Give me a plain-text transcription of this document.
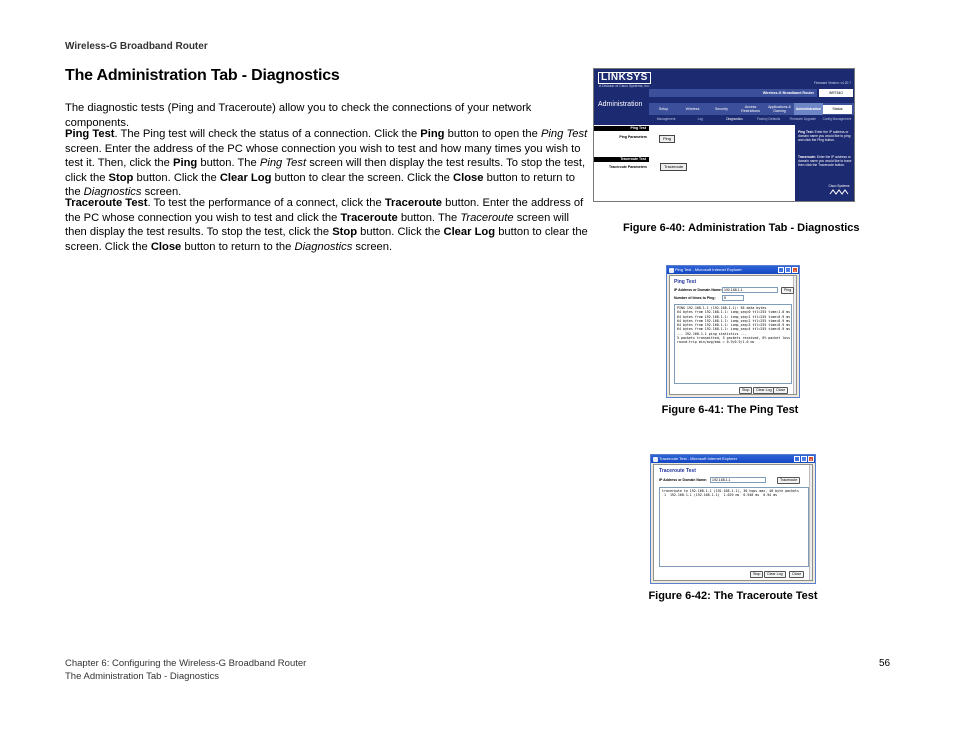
Wireless-G Broadband Router
The Administration Tab - Diagnostics

The diagnostic tests (Ping and Traceroute) allow you to check the connections of your network components.

Ping Test. The Ping test will check the status of a connection. Click the Ping button to open the Ping Test screen. Enter the address of the PC whose connection you wish to test and how many times you wish to test it. Then, click the Ping button. The Ping Test screen will then display the test results. To stop the test, click the Stop button. Click the Clear Log button to clear the screen. Click the Close button to return to the Diagnostics screen.

Traceroute Test. To test the performance of a connect, click the Traceroute button. Enter the address of the PC whose connection you wish to test and click the Traceroute button. The Traceroute screen will then display the test results. To stop the test, click the Stop button. Click the Clear Log button to clear the screen. Click the Close button to return to the Diagnostics screen.

LINKSYS
A Division of Cisco Systems, Inc.
Firmware Version: v4.20.7
Wireless-G Broadband Router	WRT54G
Administration
Setup	Wireless	Security	Access Restrictions
Applications & Gaming	Administration	Status
Management	Log	Diagnostics	Factory Defaults	Firmware Upgrade	Config Management
Ping Test
Ping Parameters
Traceroute Test
Traceroute Parameters
Ping
Traceroute
Ping Test: Enter the IP address or domain name you would like to ping and click the Ping button.
Traceroute: Enter the IP address or domain name you would like to trace then click the Traceroute button.
Cisco Systems
Figure 6-40: Administration Tab - Diagnostics
Ping Test - Microsoft Internet Explorer	_	□	×
Ping Test
IP Address or Domain Name: 192.168.1.1	Ping
Number of times to Ping:	5
PING 192.168.1.1 (192.168.1.1): 56 data bytes
64 bytes from 192.168.1.1: icmp_seq=0 ttl=255 time=1.0 ms
64 bytes from 192.168.1.1: icmp_seq=1 ttl=255 time=0.9 ms
64 bytes from 192.168.1.1: icmp_seq=2 ttl=255 time=0.9 ms
64 bytes from 192.168.1.1: icmp_seq=3 ttl=255 time=0.9 ms
64 bytes from 192.168.1.1: icmp_seq=4 ttl=255 time=0.9 ms
--- 192.168.1.1 ping statistics ---
5 packets transmitted, 5 packets received, 0% packet loss
round-trip min/avg/max = 0.9/0.9/1.0 ms
Stop	Clear Log	Close
Figure 6-41: The Ping Test
Traceroute Test - Microsoft Internet Explorer	_	□	×
Traceroute Test
IP Address or Domain Name:	192.168.1.1	Traceroute
traceroute to 192.168.1.1 (192.168.1.1), 30 hops max, 40 byte packets
1  192.168.1.1 (192.168.1.1)  1.029 ms  0.948 ms  0.94 ms
Stop	Clear Log	Close
Figure 6-42: The Traceroute Test
Chapter 6: Configuring the Wireless-G Broadband Router
The Administration Tab - Diagnostics
56
